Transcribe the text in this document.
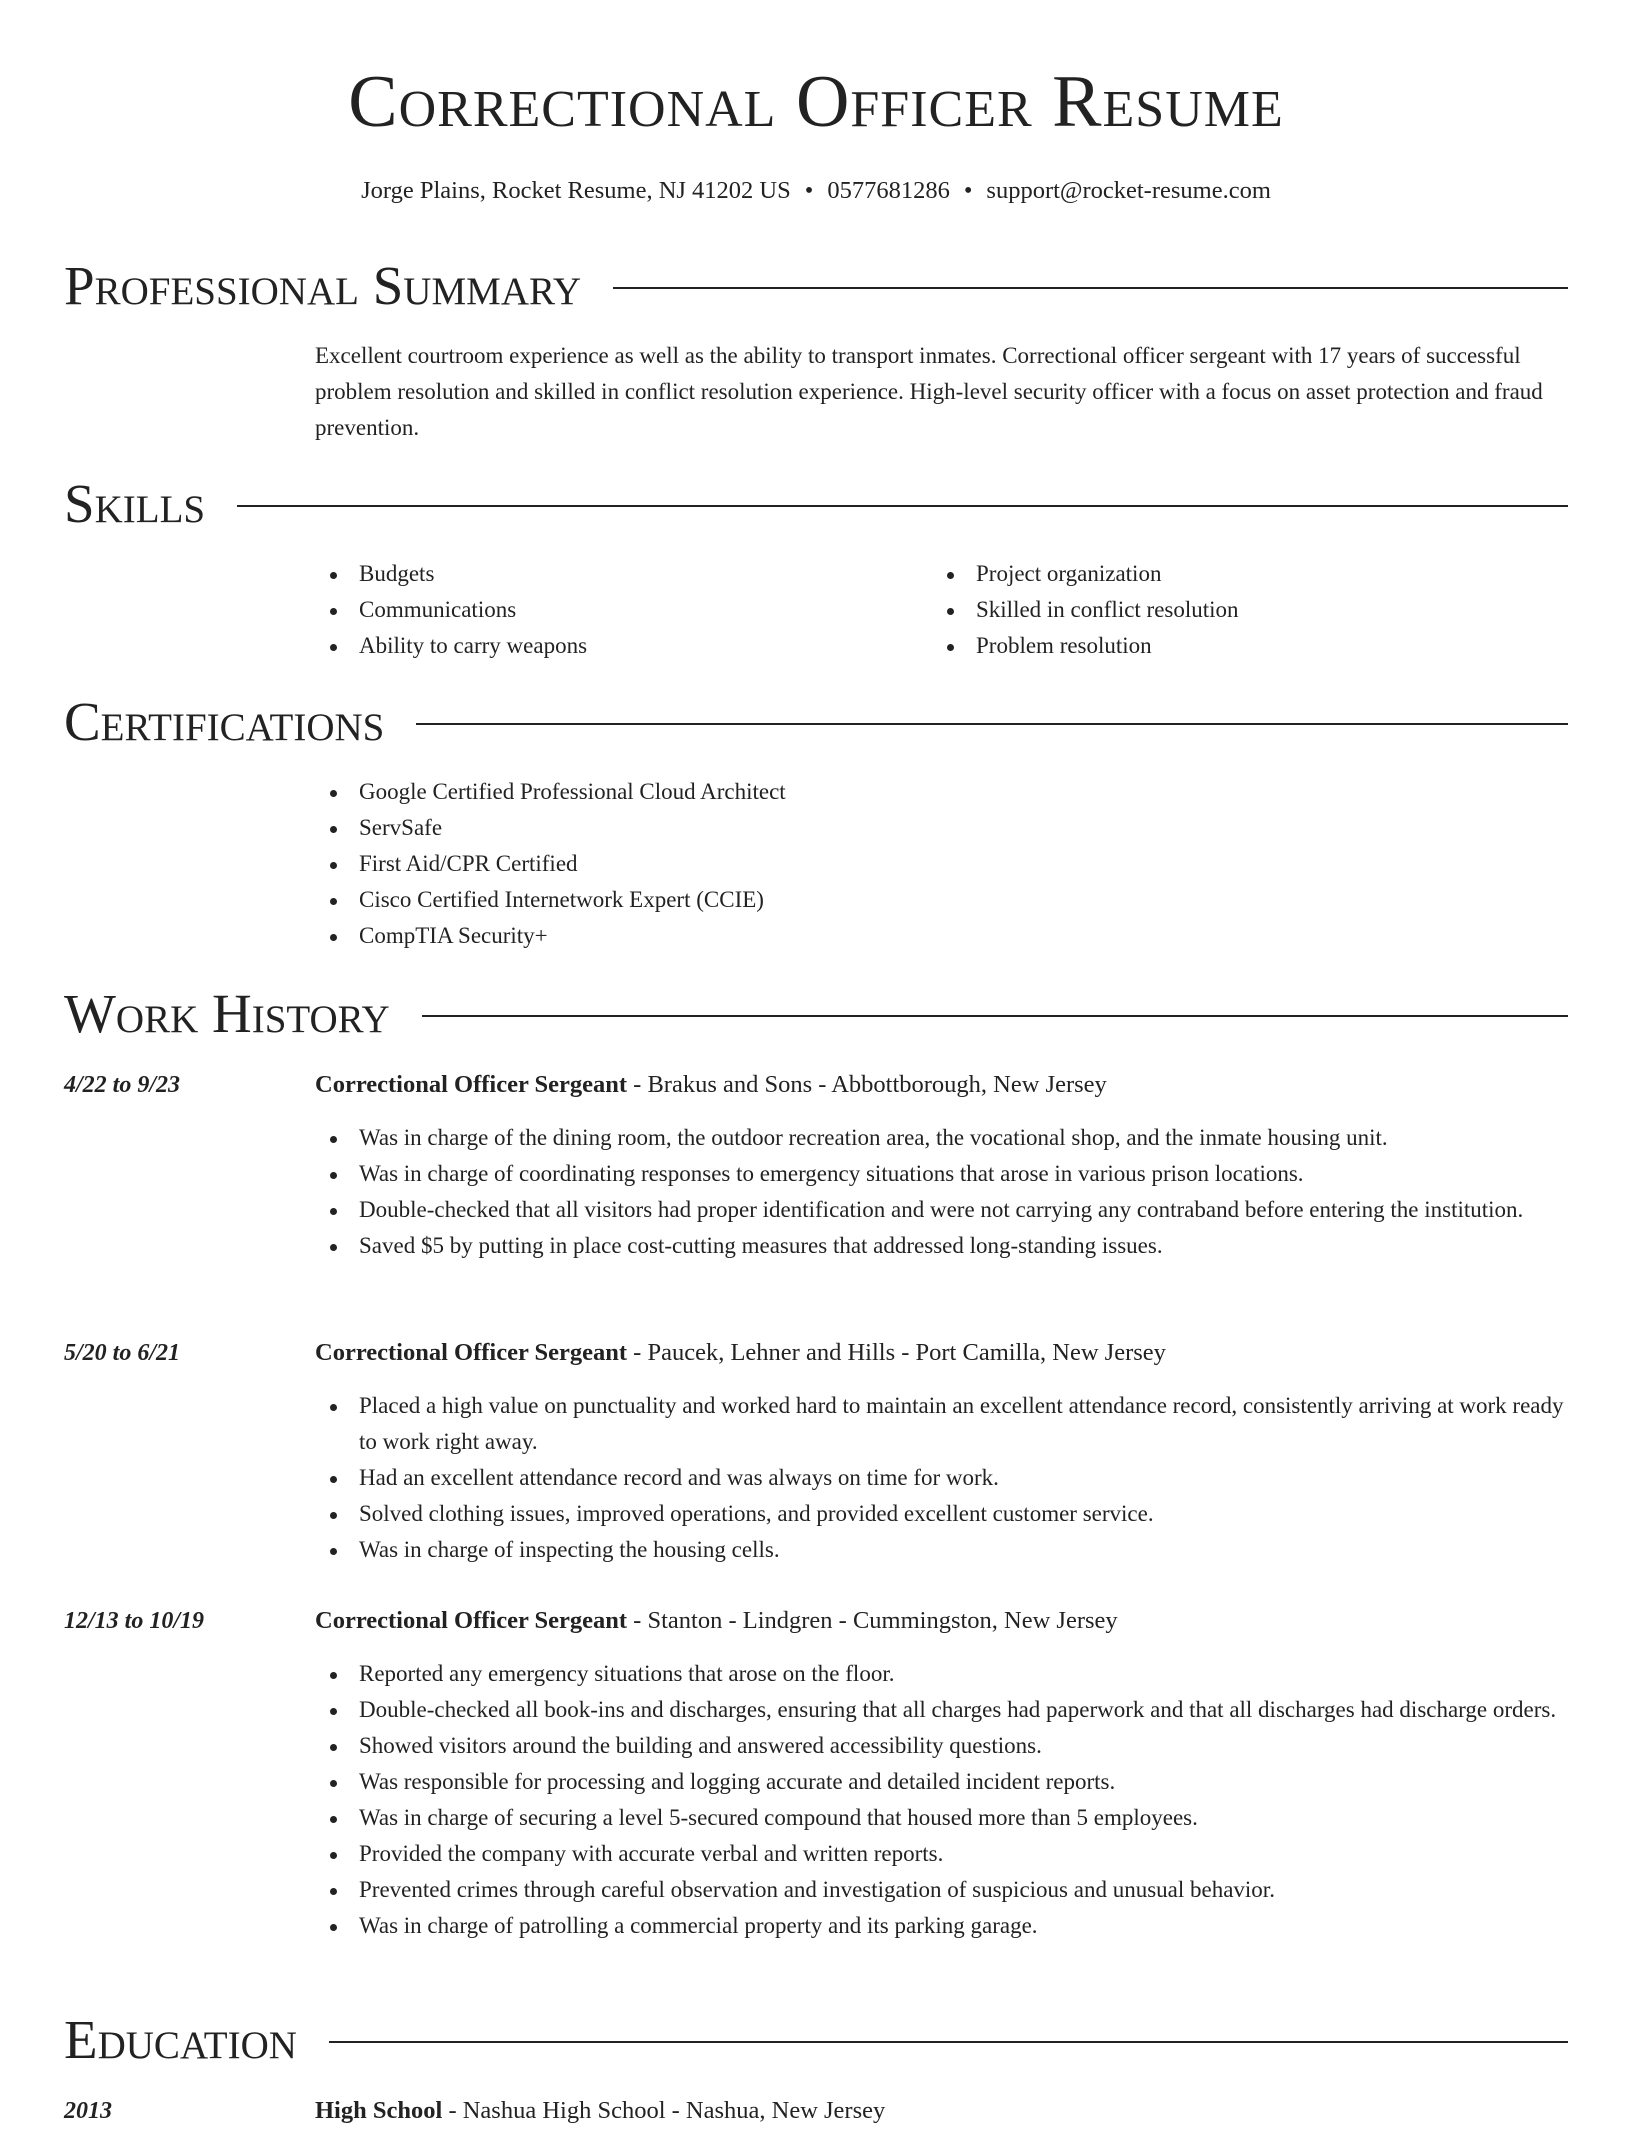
Correctional Officer Resume
Jorge Plains, Rocket Resume, NJ 41202 US • 0577681286 • support@rocket-resume.com
Professional Summary

Excellent courtroom experience as well as the ability to transport inmates. Correctional officer sergeant with 17 years of successful problem resolution and skilled in conflict resolution experience. High-level security officer with a focus on asset protection and fraud prevention.

Skills
Budgets
Communications
Ability to carry weapons
Project organization
Skilled in conflict resolution
Problem resolution
Certifications
Google Certified Professional Cloud Architect
ServSafe
First Aid/CPR Certified
Cisco Certified Internetwork Expert (CCIE)
CompTIA Security+
Work History
4/22 to 9/23	Correctional Officer Sergeant - Brakus and Sons - Abbottborough, New Jersey
Was in charge of the dining room, the outdoor recreation area, the vocational shop, and the inmate housing unit.
Was in charge of coordinating responses to emergency situations that arose in various prison locations.
Double-checked that all visitors had proper identification and were not carrying any contraband before entering the institution.
Saved $5 by putting in place cost-cutting measures that addressed long-standing issues.
5/20 to 6/21	Correctional Officer Sergeant - Paucek, Lehner and Hills - Port Camilla, New Jersey
Placed a high value on punctuality and worked hard to maintain an excellent attendance record, consistently arriving at work ready to work right away.
Had an excellent attendance record and was always on time for work.
Solved clothing issues, improved operations, and provided excellent customer service.
Was in charge of inspecting the housing cells.
12/13 to 10/19	Correctional Officer Sergeant - Stanton - Lindgren - Cummingston, New Jersey
Reported any emergency situations that arose on the floor.
Double-checked all book-ins and discharges, ensuring that all charges had paperwork and that all discharges had discharge orders.
Showed visitors around the building and answered accessibility questions.
Was responsible for processing and logging accurate and detailed incident reports.
Was in charge of securing a level 5-secured compound that housed more than 5 employees.
Provided the company with accurate verbal and written reports.
Prevented crimes through careful observation and investigation of suspicious and unusual behavior.
Was in charge of patrolling a commercial property and its parking garage.
Education
2013	High School - Nashua High School - Nashua, New Jersey
